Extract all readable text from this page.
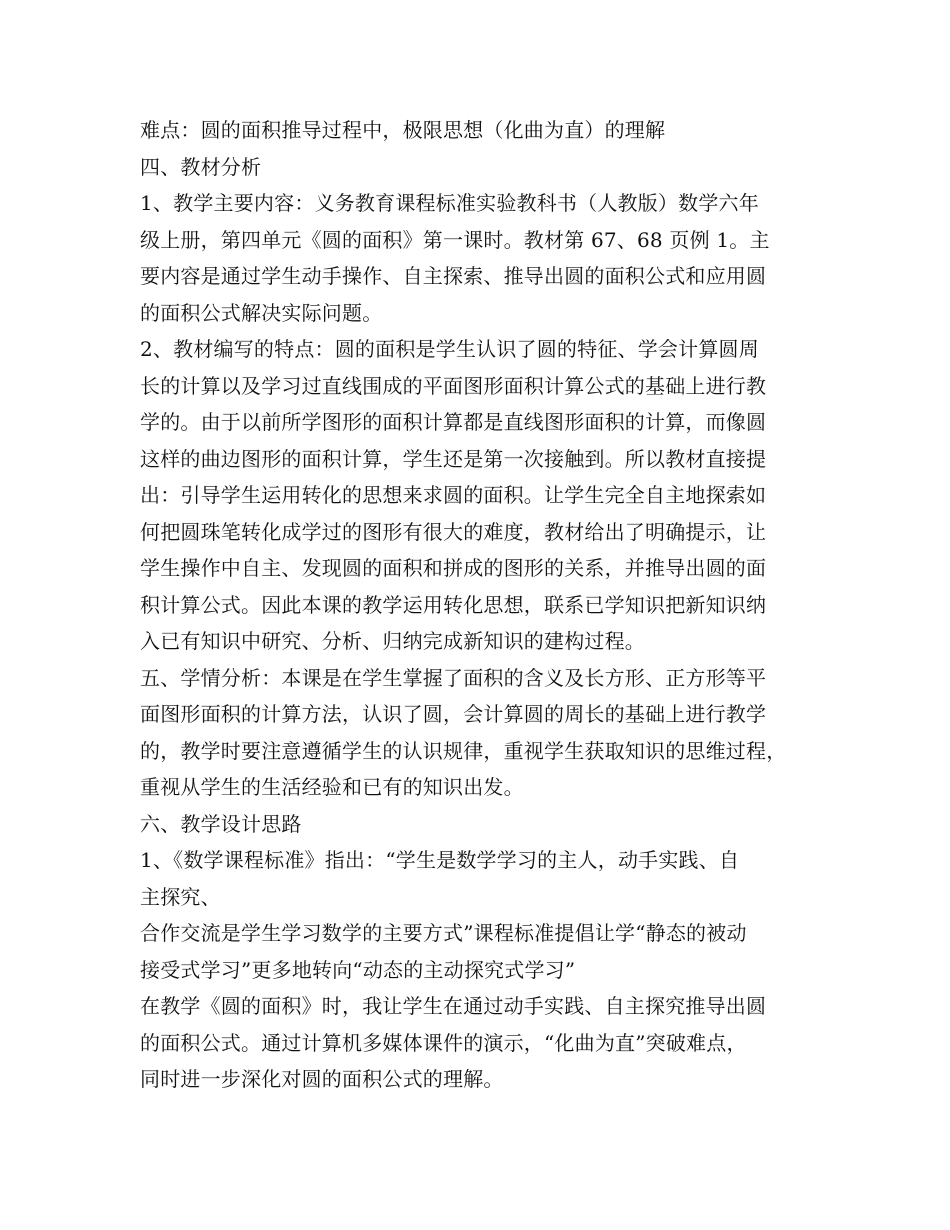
难点：圆的面积推导过程中，极限思想（化曲为直）的理解
四、教材分析
1、教学主要内容：义务教育课程标准实验教科书（人教版）数学六年
级上册，第四单元《圆的面积》第一课时。教材第 67、68 页例 1。主
要内容是通过学生动手操作、自主探索、推导出圆的面积公式和应用圆
的面积公式解决实际问题。
2、教材编写的特点：圆的面积是学生认识了圆的特征、学会计算圆周
长的计算以及学习过直线围成的平面图形面积计算公式的基础上进行教
学的。由于以前所学图形的面积计算都是直线图形面积的计算，而像圆
这样的曲边图形的面积计算，学生还是第一次接触到。所以教材直接提
出：引导学生运用转化的思想来求圆的面积。让学生完全自主地探索如
何把圆珠笔转化成学过的图形有很大的难度，教材给出了明确提示，让
学生操作中自主、发现圆的面积和拼成的图形的关系，并推导出圆的面
积计算公式。因此本课的教学运用转化思想，联系已学知识把新知识纳
入已有知识中研究、分析、归纳完成新知识的建构过程。
五、学情分析：本课是在学生掌握了面积的含义及长方形、正方形等平
面图形面积的计算方法，认识了圆，会计算圆的周长的基础上进行教学
的，教学时要注意遵循学生的认识规律，重视学生获取知识的思维过程，
重视从学生的生活经验和已有的知识出发。
六、教学设计思路
1、《数学课程标准》指出：“学生是数学学习的主人，动手实践、自
主探究、
合作交流是学生学习数学的主要方式”课程标准提倡让学“静态的被动
接受式学习”更多地转向“动态的主动探究式学习”
在教学《圆的面积》时，我让学生在通过动手实践、自主探究推导出圆
的面积公式。通过计算机多媒体课件的演示，“化曲为直”突破难点，
同时进一步深化对圆的面积公式的理解。
